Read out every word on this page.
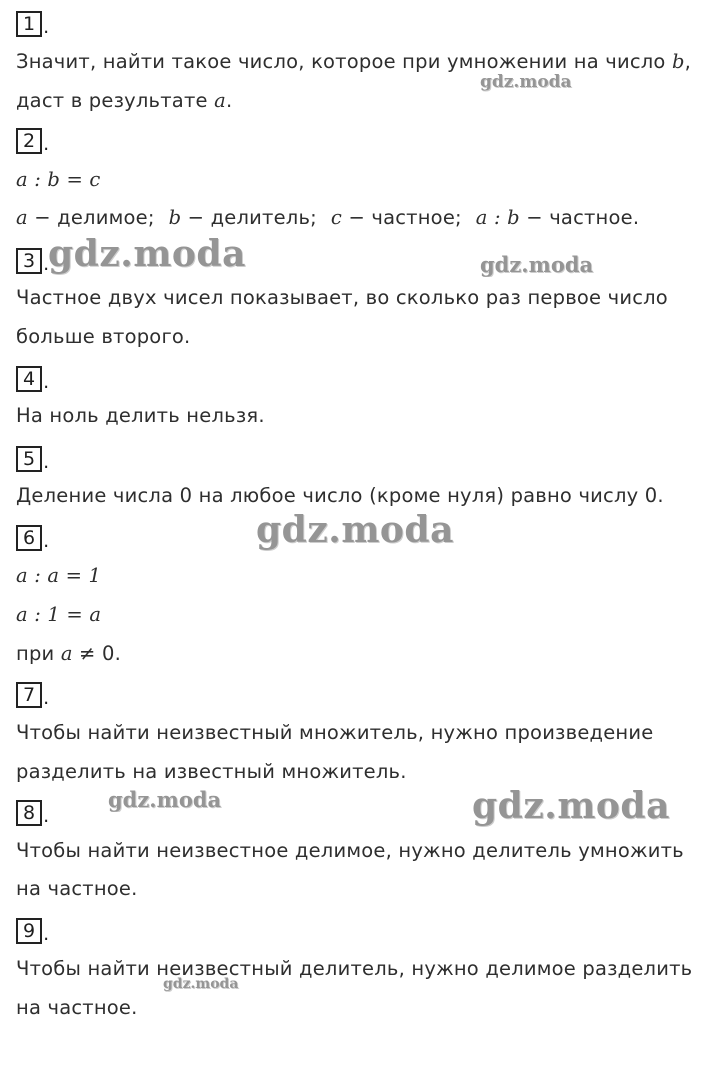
1 .
2 .
3 .
4 .
5 .
6 .
7 .
8 .
9 .
Значит, найти такое число, которое при умножении на число b,
даст в результате a.
a : b = c
a − делимое; b − делитель; c − частное; a : b − частное.
Частное двух чисел показывает, во сколько раз первое число
больше второго.
На ноль делить нельзя.
Деление числа 0 на любое число (кроме нуля) равно числу 0.
a : a = 1
a : 1 = a
при a ≠ 0.
Чтобы найти неизвестный множитель, нужно произведение
разделить на известный множитель.
Чтобы найти неизвестное делимое, нужно делитель умножить
на частное.
Чтобы найти неизвестный делитель, нужно делимое разделить
на частное.
gdz.moda
gdz.moda	gdz.moda
gdz.moda
gdz.moda	gdz.moda
gdz.moda
